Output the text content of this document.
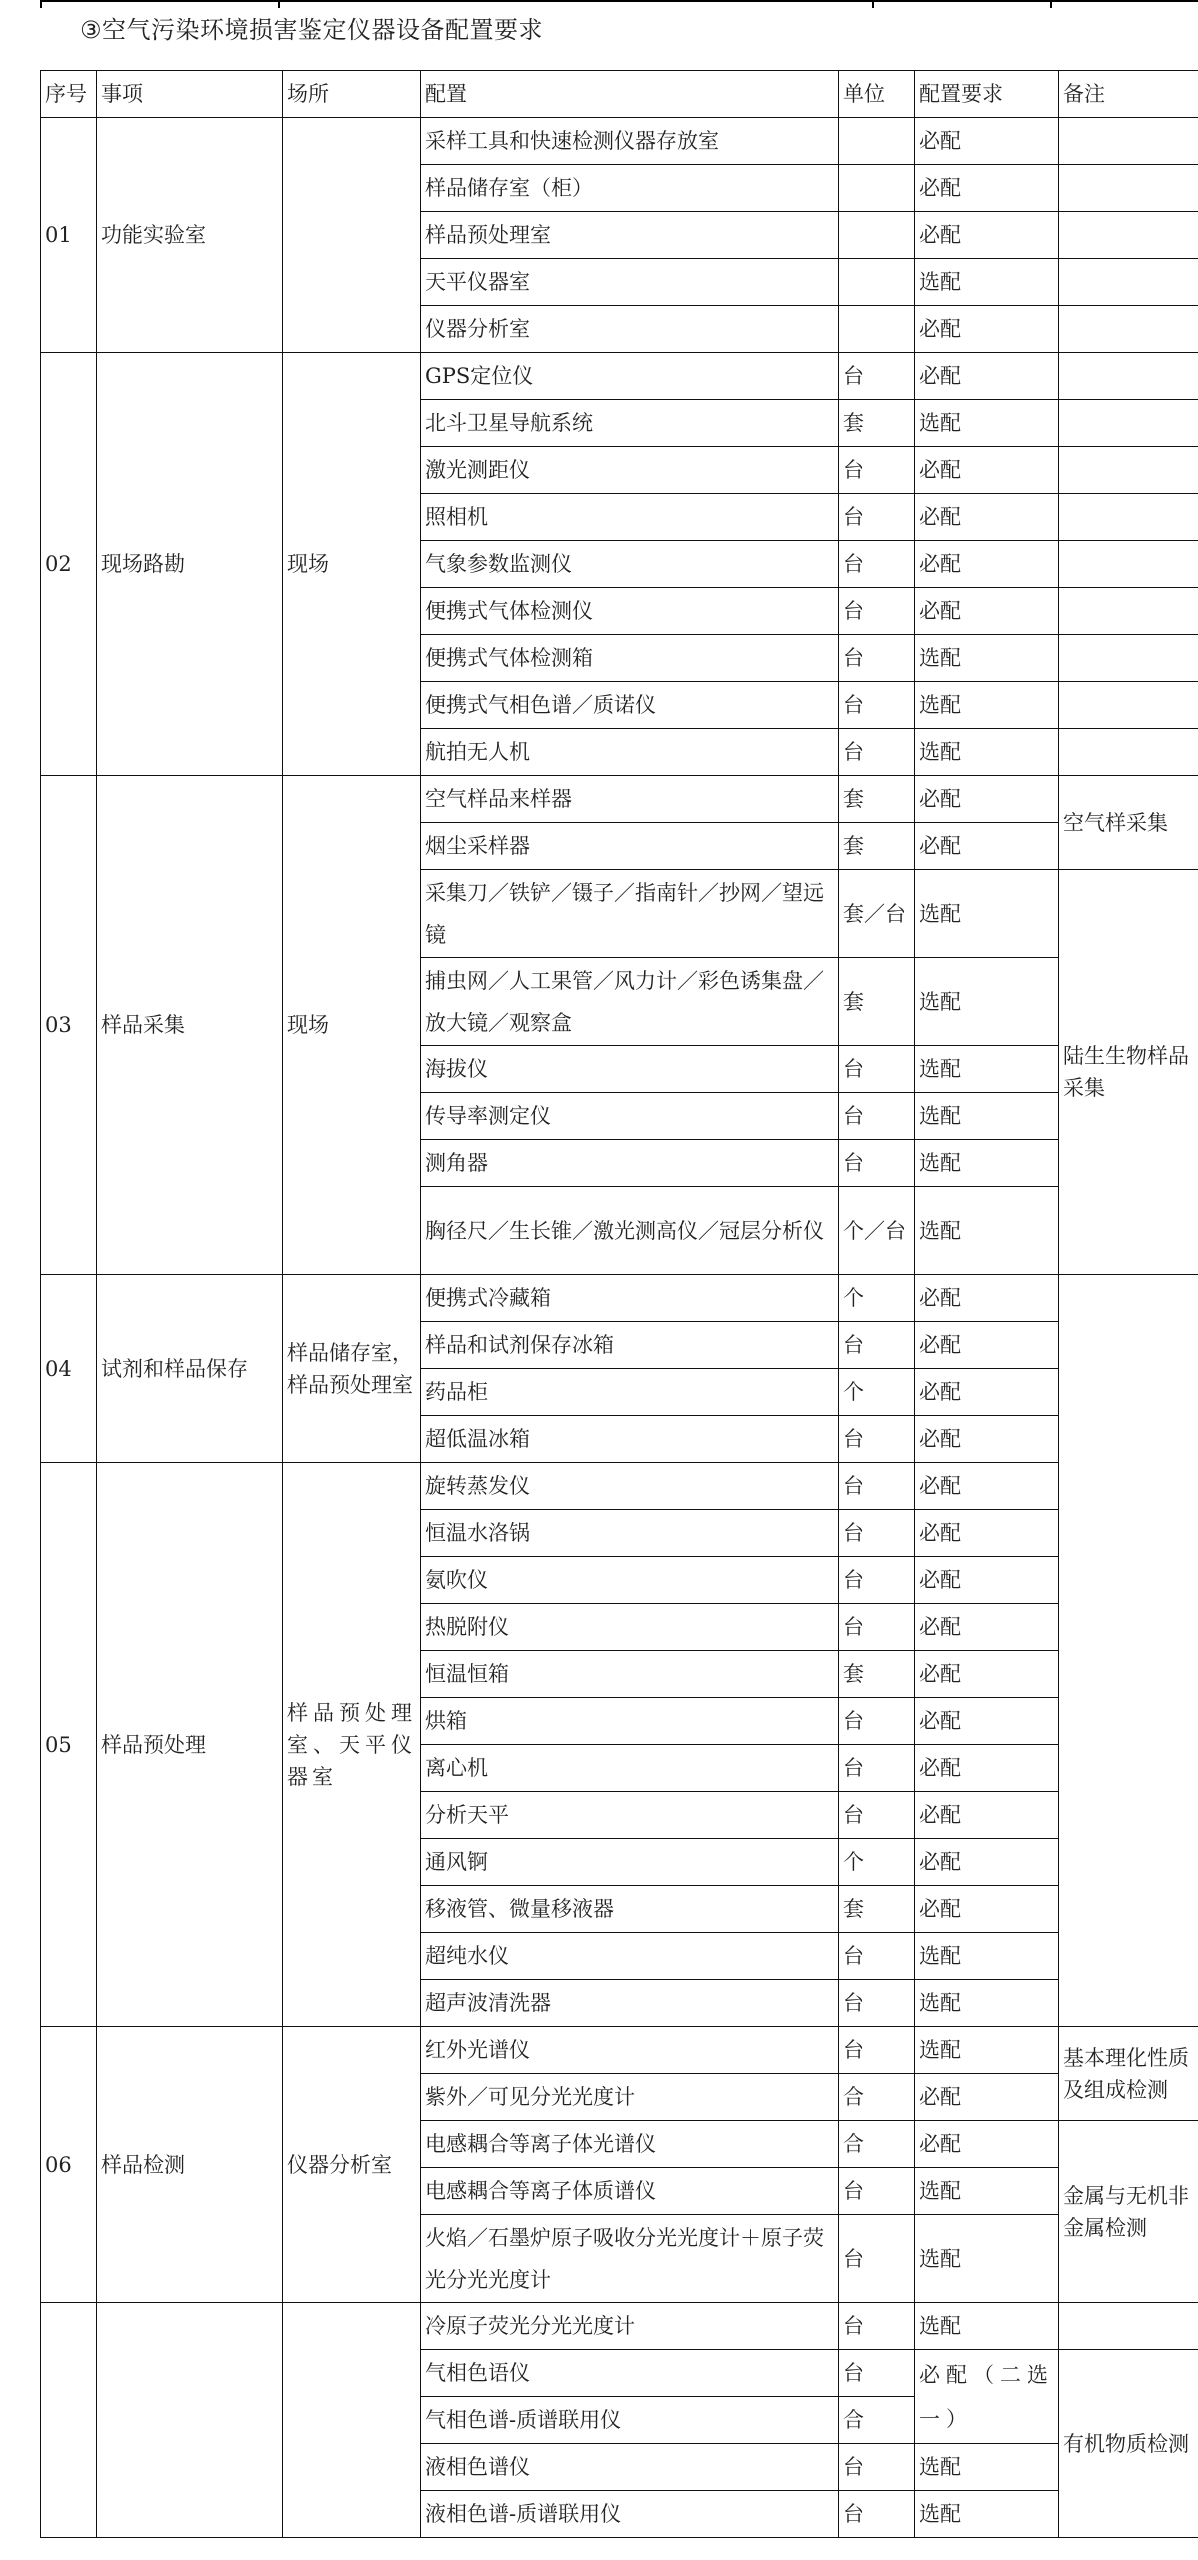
③空气污染环境损害鉴定仪器设备配置要求
序号	事项	场所	配置	单位	配置要求	备注
01	功能实验室		采样工具和快速检测仪器存放室		必配	
			样品储存室（柜）		必配	
			样品预处理室		必配	
			天平仪器室		选配	
			仪器分析室		必配	
02	现场路勘	现场	GPS定位仪	台	必配	
			北斗卫星导航系统	套	选配	
			激光测距仪	台	必配	
			照相机	台	必配	
			气象参数监测仪	台	必配	
			便携式气体检测仪	台	必配	
			便携式气体检测箱	台	选配	
			便携式气相色谱／质诺仪	台	选配	
			航拍无人机	台	选配	
03	样品采集	现场	空气样品来样器	套	必配	空气样采集
			烟尘采样器	套	必配	
			采集刀／铁铲／镊子／指南针／抄网／望远镜	套／台	选配	陆生生物样品采集
			捕虫网／人工果管／风力计／彩色诱集盘／放大镜／观察盒	套	选配	
			海拔仪	台	选配	
			传导率测定仪	台	选配	
			测角器	台	选配	
			胸径尺／生长锥／激光测高仪／冠层分析仪	个／台	选配	
04	试剂和样品保存	样品储存室，样品预处理室	便携式冷藏箱	个	必配	
			样品和试剂保存冰箱	台	必配	
			药品柜	个	必配	
			超低温冰箱	台	必配	
05	样品预处理	样品预处理室、天平仪器室	旋转蒸发仪	台	必配	
			恒温水洛锅	台	必配	
			氨吹仪	台	必配	
			热脱附仪	台	必配	
			恒温恒箱	套	必配	
			烘箱	台	必配	
			离心机	台	必配	
			分析天平	台	必配	
			通风锕	个	必配	
			移液管、微量移液器	套	必配	
			超纯水仪	台	选配	
			超声波清洗器	台	选配	
06	样品检测	仪器分析室	红外光谱仪	台	选配	基本理化性质及组成检测
			紫外／可见分光光度计	合	必配	
			电感耦合等离子体光谱仪	合	必配	金属与无机非金属检测
			电感耦合等离子体质谱仪	台	选配	
			火焰／石墨炉原子吸收分光光度计＋原子荧光分光光度计	台	选配	
			冷原子荧光分光光度计	台	选配	
			气相色语仪	台	必配（二选一）	有机物质检测
			气相色谱-质谱联用仪	合		
			液相色谱仪	台	选配	
			液相色谱-质谱联用仪	台	选配	
